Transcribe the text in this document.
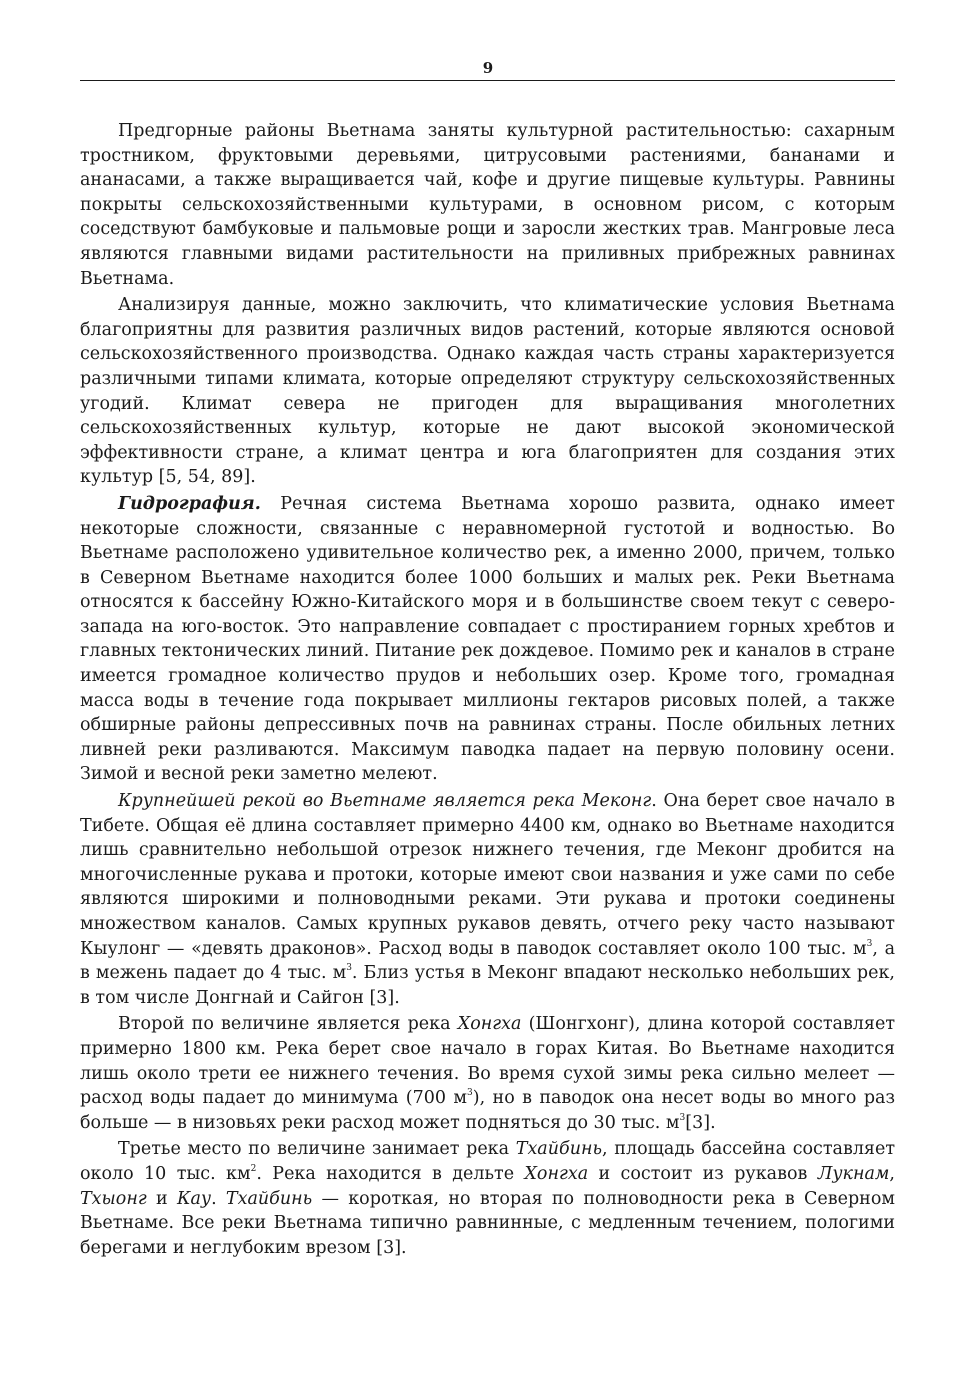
9

Предгорные районы Вьетнама заняты культурной растительностью: сахарным тростником, фруктовыми деревьями, цитрусовыми растениями, бананами и ананасами, а также выращивается чай, кофе и другие пищевые культуры. Равнины покрыты сельскохозяйственными культурами, в основном рисом, с которым соседствуют бамбуковые и пальмовые рощи и заросли жестких трав. Мангровые леса являются главными видами растительности на приливных прибрежных равнинах Вьетнама.

Анализируя данные, можно заключить, что климатические условия Вьетнама благоприятны для развития различных видов растений, которые являются основой сельскохозяйственного производства. Однако каждая часть страны характеризуется различными типами климата, которые определяют структуру сельскохозяйственных угодий. Климат севера не пригоден для выращивания многолетних сельскохозяйственных культур, которые не дают высокой экономической эффективности стране, а климат центра и юга благоприятен для создания этих культур [5, 54, 89].

Гидрография. Речная система Вьетнама хорошо развита, однако имеет некоторые сложности, связанные с неравномерной густотой и водностью. Во Вьетнаме расположено удивительное количество рек, а именно 2000, причем, только в Северном Вьетнаме находится более 1000 больших и малых рек. Реки Вьетнама относятся к бассейну Южно-Китайского моря и в большинстве своем текут с северо-запада на юго-восток. Это направление совпадает с простиранием горных хребтов и главных тектонических линий. Питание рек дождевое. Помимо рек и каналов в стране имеется громадное количество прудов и небольших озер. Кроме того, громадная масса воды в течение года покрывает миллионы гектаров рисовых полей, а также обширные районы депрессивных почв на равнинах страны. После обильных летних ливней реки разливаются. Максимум паводка падает на первую половину осени. Зимой и весной реки заметно мелеют.

Крупнейшей рекой во Вьетнаме является река Меконг. Она берет свое начало в Тибете. Общая её длина составляет примерно 4400 км, однако во Вьетнаме находится лишь сравнительно небольшой отрезок нижнего течения, где Меконг дробится на многочисленные рукава и протоки, которые имеют свои названия и уже сами по себе являются широкими и полноводными реками. Эти рукава и протоки соединены множеством каналов. Самых крупных рукавов девять, отчего реку часто называют Кыулонг — «девять драконов». Расход воды в паводок составляет около 100 тыс. $м^3$, а в межень падает до 4 тыс. $м^3$. Близ устья в Меконг впадают несколько небольших рек, в том числе Донгнай и Сайгон [3].

Второй по величине является река Хонгха (Шонгхонг), длина которой составляет примерно 1800 км. Река берет свое начало в горах Китая. Во Вьетнаме находится лишь около трети ее нижнего течения. Во время сухой зимы река сильно мелеет — расход воды падает до минимума (700 $м^3$), но в паводок она несет воды во много раз больше — в низовьях реки расход может подняться до 30 тыс. $м^3[3]$.

Третье место по величине занимает река Тхайбинь, площадь бассейна составляет около 10 тыс. $км^2$. Река находится в дельте Хонгха и состоит из рукавов Лукнам, Тхыонг и Кау. Тхайбинь — короткая, но вторая по полноводности река в Северном Вьетнаме. Все реки Вьетнама типично равнинные, с медленным течением, пологими берегами и неглубоким врезом [3].
